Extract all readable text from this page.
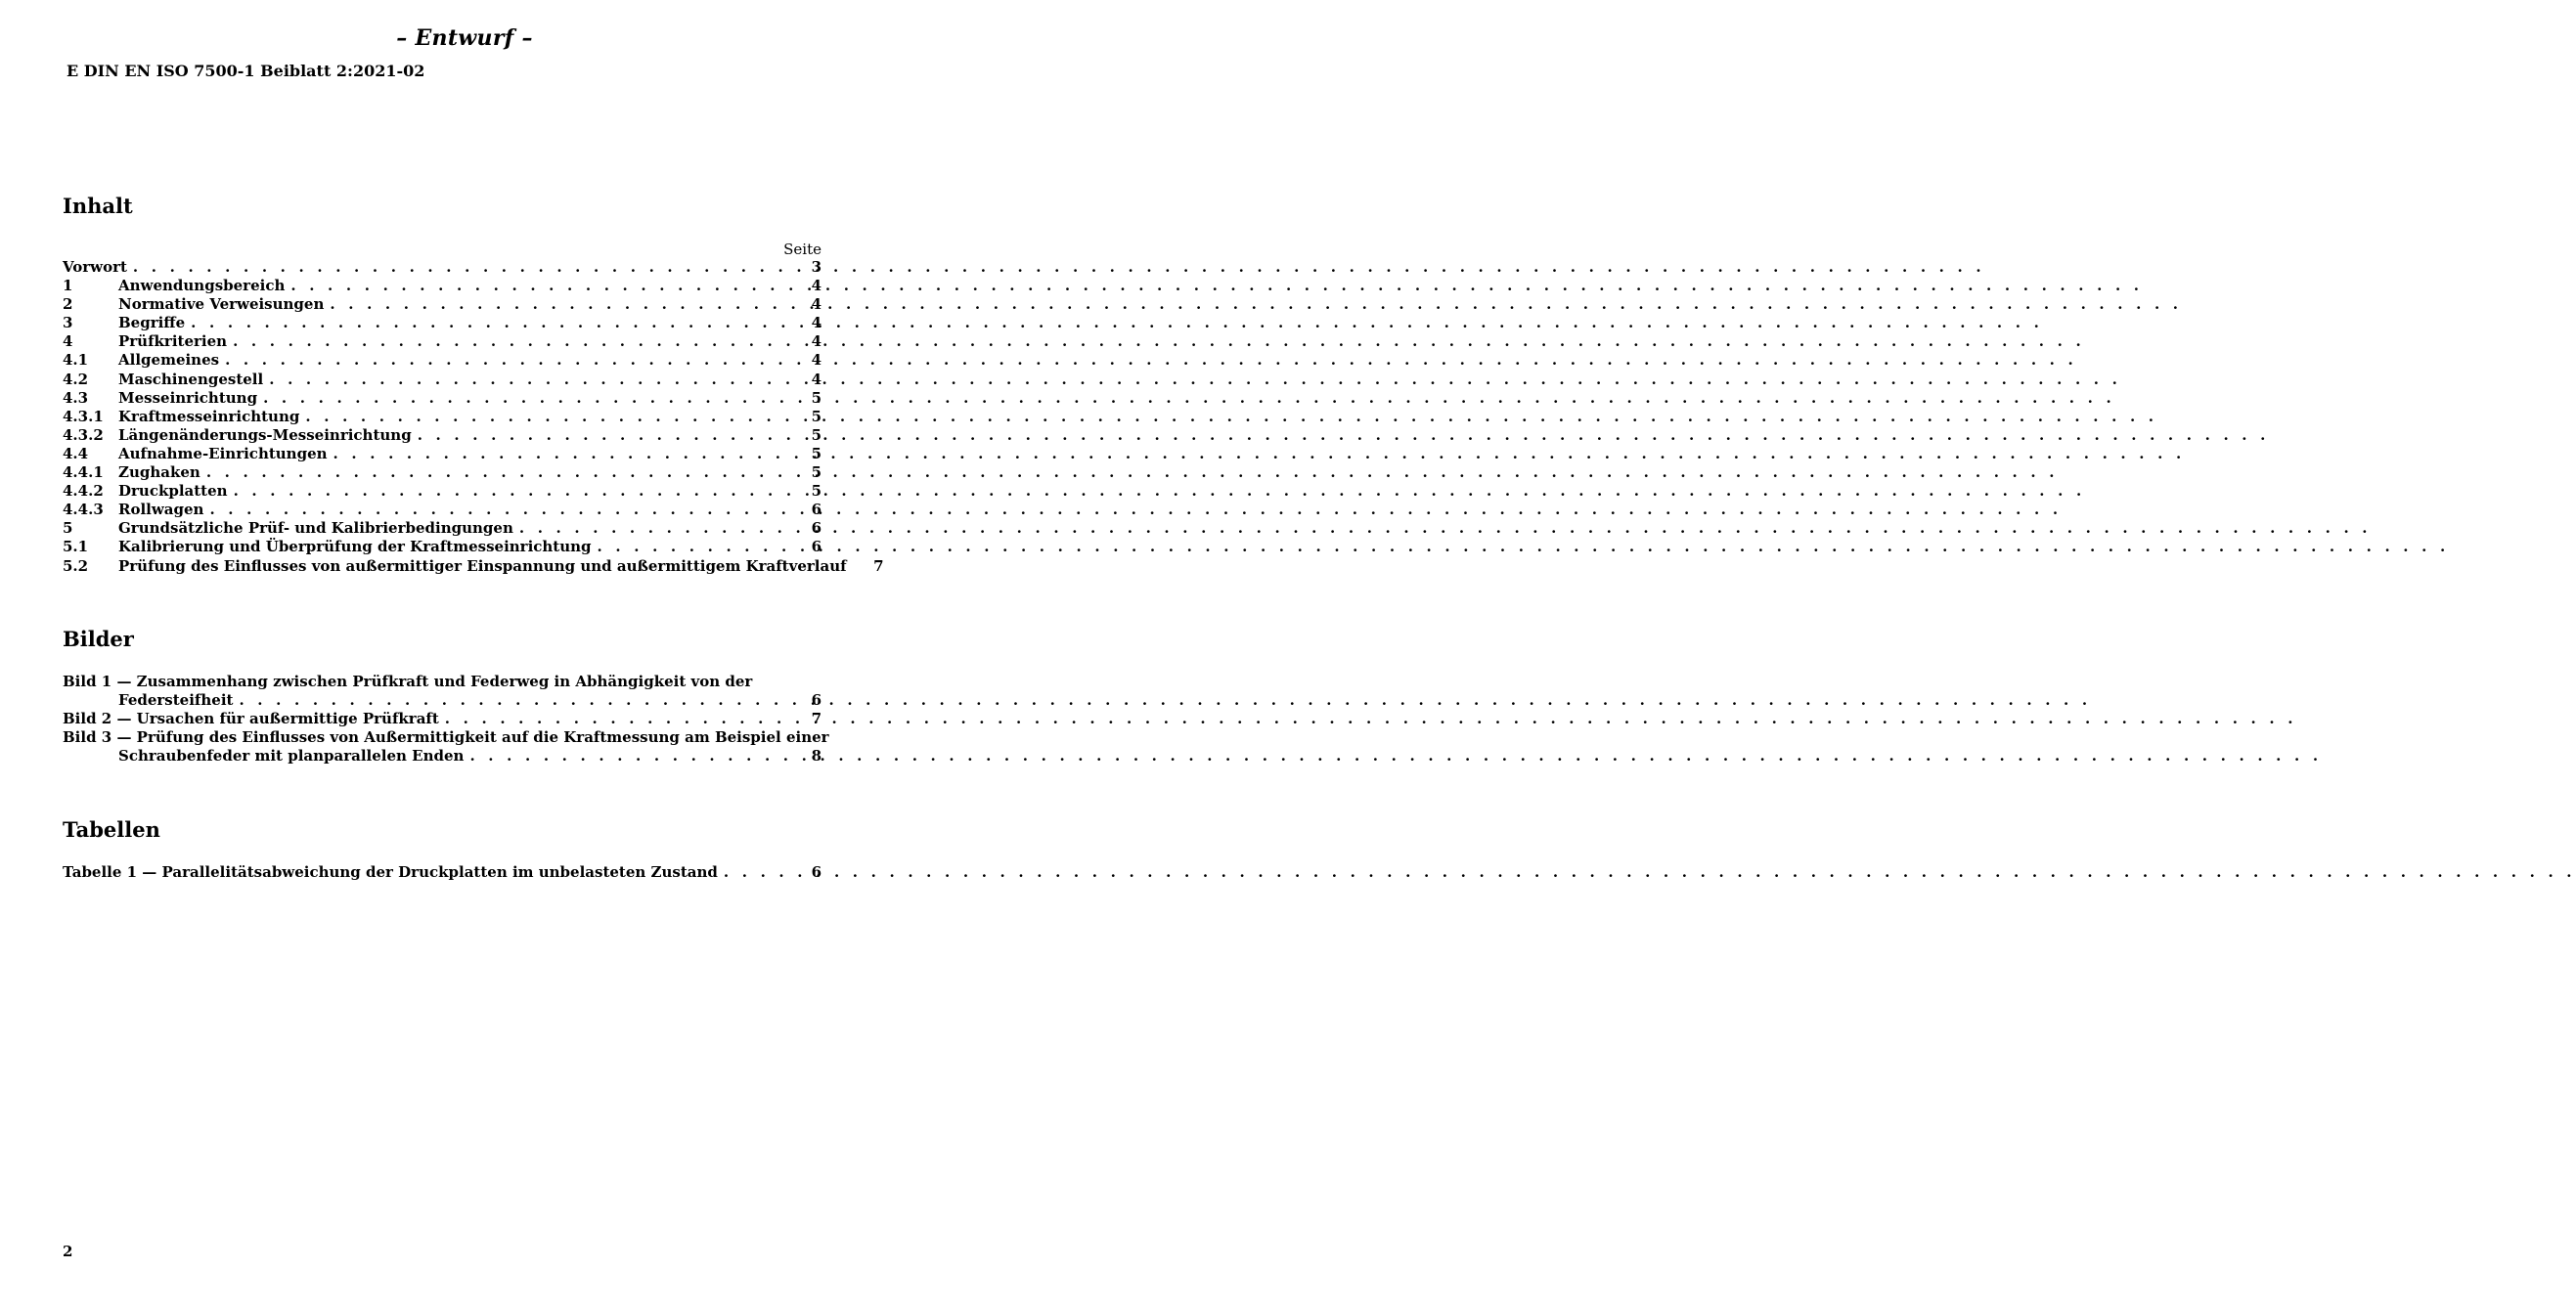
– Entwurf –
E DIN EN ISO 7500-1 Beiblatt 2:2021-02
Inhalt
Seite
Vorwort . . .	3
1	Anwendungsbereich . . .	4
2	Normative Verweisungen . . .	4
3	Begriffe . . .	4
4	Prüfkriterien . . .	4
4.1	Allgemeines . . .	4
4.2	Maschinengestell . . .	4
4.3	Messeinrichtung . . .	5
4.3.1	Kraftmesseinrichtung . . .	5
4.3.2	Längenänderungs-Messeinrichtung . . .	5
4.4	Aufnahme-Einrichtungen . . .	5
4.4.1	Zughaken . . .	5
4.4.2	Druckplatten . . .	5
4.4.3	Rollwagen . . .	6
5	Grundsätzliche Prüf- und Kalibrierbedingungen . . .	6
5.1	Kalibrierung und Überprüfung der Kraftmesseinrichtung . . .	6
5.2	Prüfung des Einflusses von außermittiger Einspannung und außermittigem Kraftverlauf	7
Bilder
Bild 1 — Zusammenhang zwischen Prüfkraft und Federweg in Abhängigkeit von der
Federsteifheit . . .	6
Bild 2 — Ursachen für außermittige Prüfkraft . . .	7
Bild 3 — Prüfung des Einflusses von Außermittigkeit auf die Kraftmessung am Beispiel einer
Schraubenfeder mit planparallelen Enden . . .	8
Tabellen
Tabelle 1 — Parallelitätsabweichung der Druckplatten im unbelasteten Zustand . . .	6
2
